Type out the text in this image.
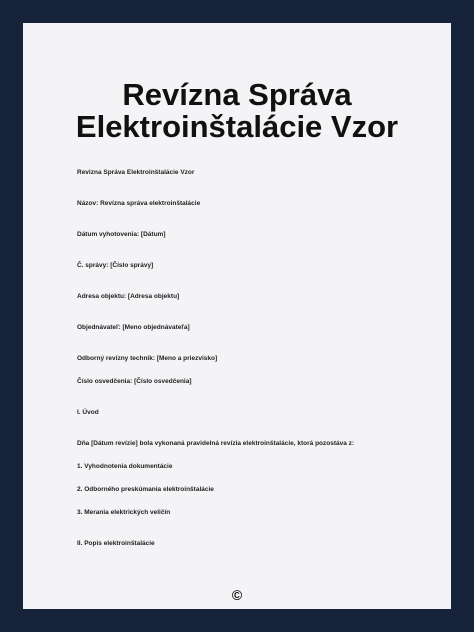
Revízna Správa
Elektroinštalácie Vzor
Revizna Správa Elektroinštalácie Vzor
Názov: Revízna správa elektroinštalácie
Dátum vyhotovenia: [Dátum]
Č. správy: [Číslo správy]
Adresa objektu: [Adresa objektu]
Objednávateľ: [Meno objednávateľa]
Odborný revízny technik: [Meno a priezvisko]
Číslo osvedčenia: [Číslo osvedčenia]
I. Úvod
Dňa [Dátum revízie] bola vykonaná pravidelná revízia elektroinštalácie, ktorá pozostáva z:
1. Vyhodnotenia dokumentácie
2. Odborného preskúmania elektroinštalácie
3. Merania elektrických veličín
II. Popis elektroinštalácie
©
